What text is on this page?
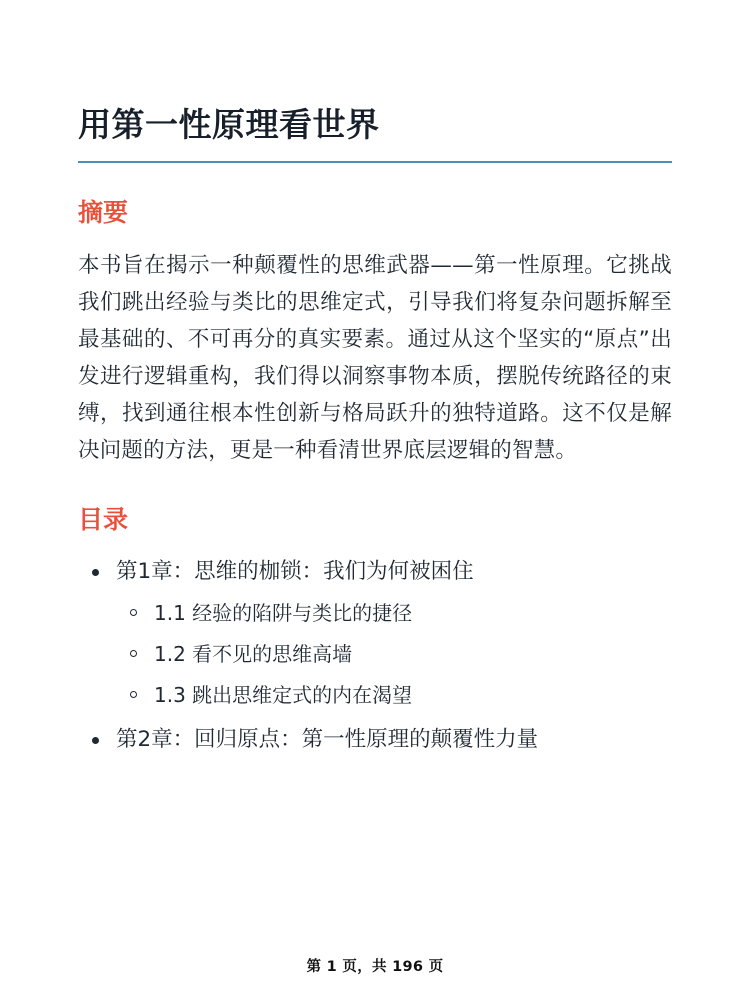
用第一性原理看世界
摘要

本书旨在揭示一种颠覆性的思维武器——第一性原理。它挑战我们跳出经验与类比的思维定式，引导我们将复杂问题拆解至最基础的、不可再分的真实要素。通过从这个坚实的“原点”出发进行逻辑重构，我们得以洞察事物本质，摆脱传统路径的束缚，找到通往根本性创新与格局跃升的独特道路。这不仅是解决问题的方法，更是一种看清世界底层逻辑的智慧。

目录
第1章：思维的枷锁：我们为何被困住
1.1 经验的陷阱与类比的捷径
1.2 看不见的思维高墙
1.3 跳出思维定式的内在渴望
第2章：回归原点：第一性原理的颠覆性力量
第 1 页，共 196 页
